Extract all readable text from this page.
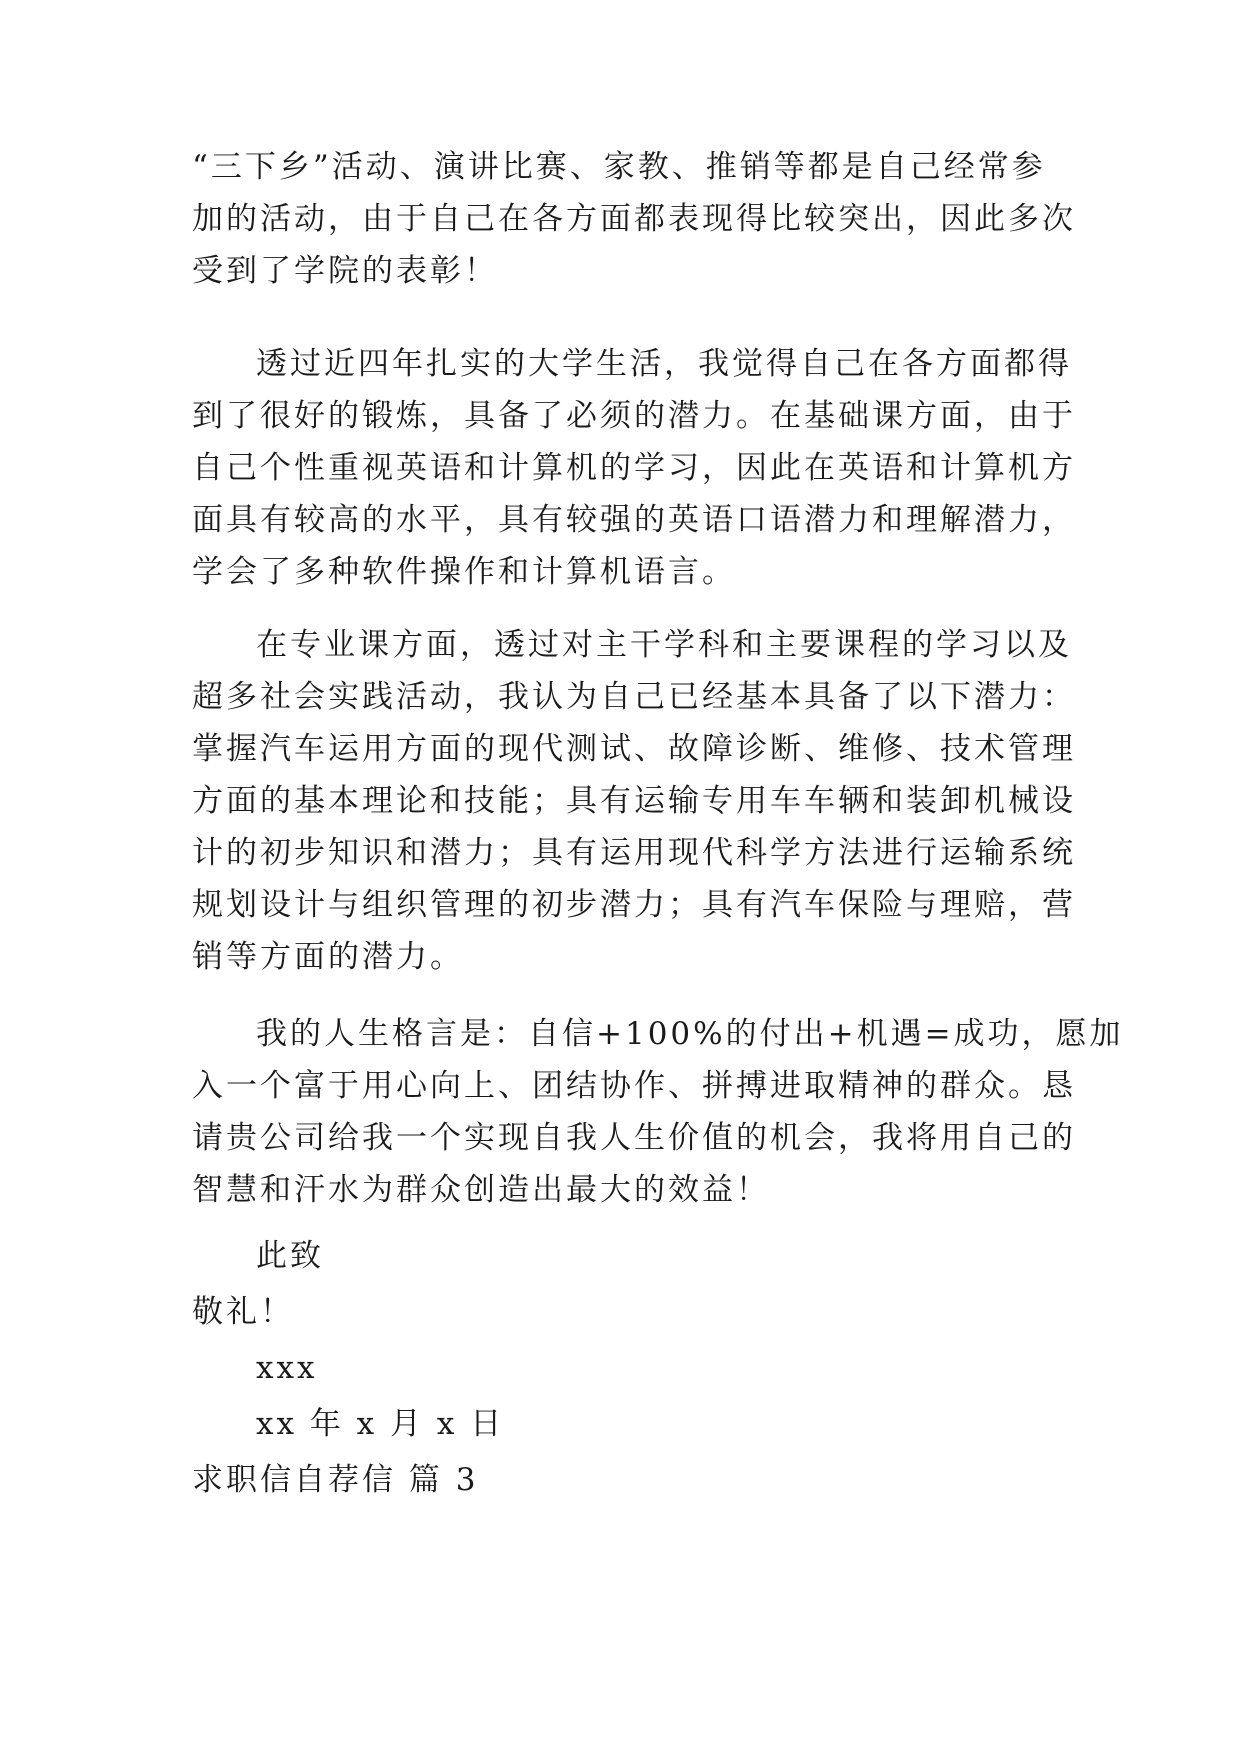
“三下乡”活动、演讲比赛、家教、推销等都是自己经常参
加的活动，由于自己在各方面都表现得比较突出，因此多次
受到了学院的表彰！
透过近四年扎实的大学生活，我觉得自己在各方面都得
到了很好的锻炼，具备了必须的潜力。在基础课方面，由于
自己个性重视英语和计算机的学习，因此在英语和计算机方
面具有较高的水平，具有较强的英语口语潜力和理解潜力，
学会了多种软件操作和计算机语言。
在专业课方面，透过对主干学科和主要课程的学习以及
超多社会实践活动，我认为自己已经基本具备了以下潜力：
掌握汽车运用方面的现代测试、故障诊断、维修、技术管理
方面的基本理论和技能；具有运输专用车车辆和装卸机械设
计的初步知识和潜力；具有运用现代科学方法进行运输系统
规划设计与组织管理的初步潜力；具有汽车保险与理赔，营
销等方面的潜力。
我的人生格言是：自信+100%的付出+机遇=成功，愿加
入一个富于用心向上、团结协作、拼搏进取精神的群众。恳
请贵公司给我一个实现自我人生价值的机会，我将用自己的
智慧和汗水为群众创造出最大的效益！
此致
敬礼！
xxx
xx 年 x 月 x 日
求职信自荐信 篇 3
